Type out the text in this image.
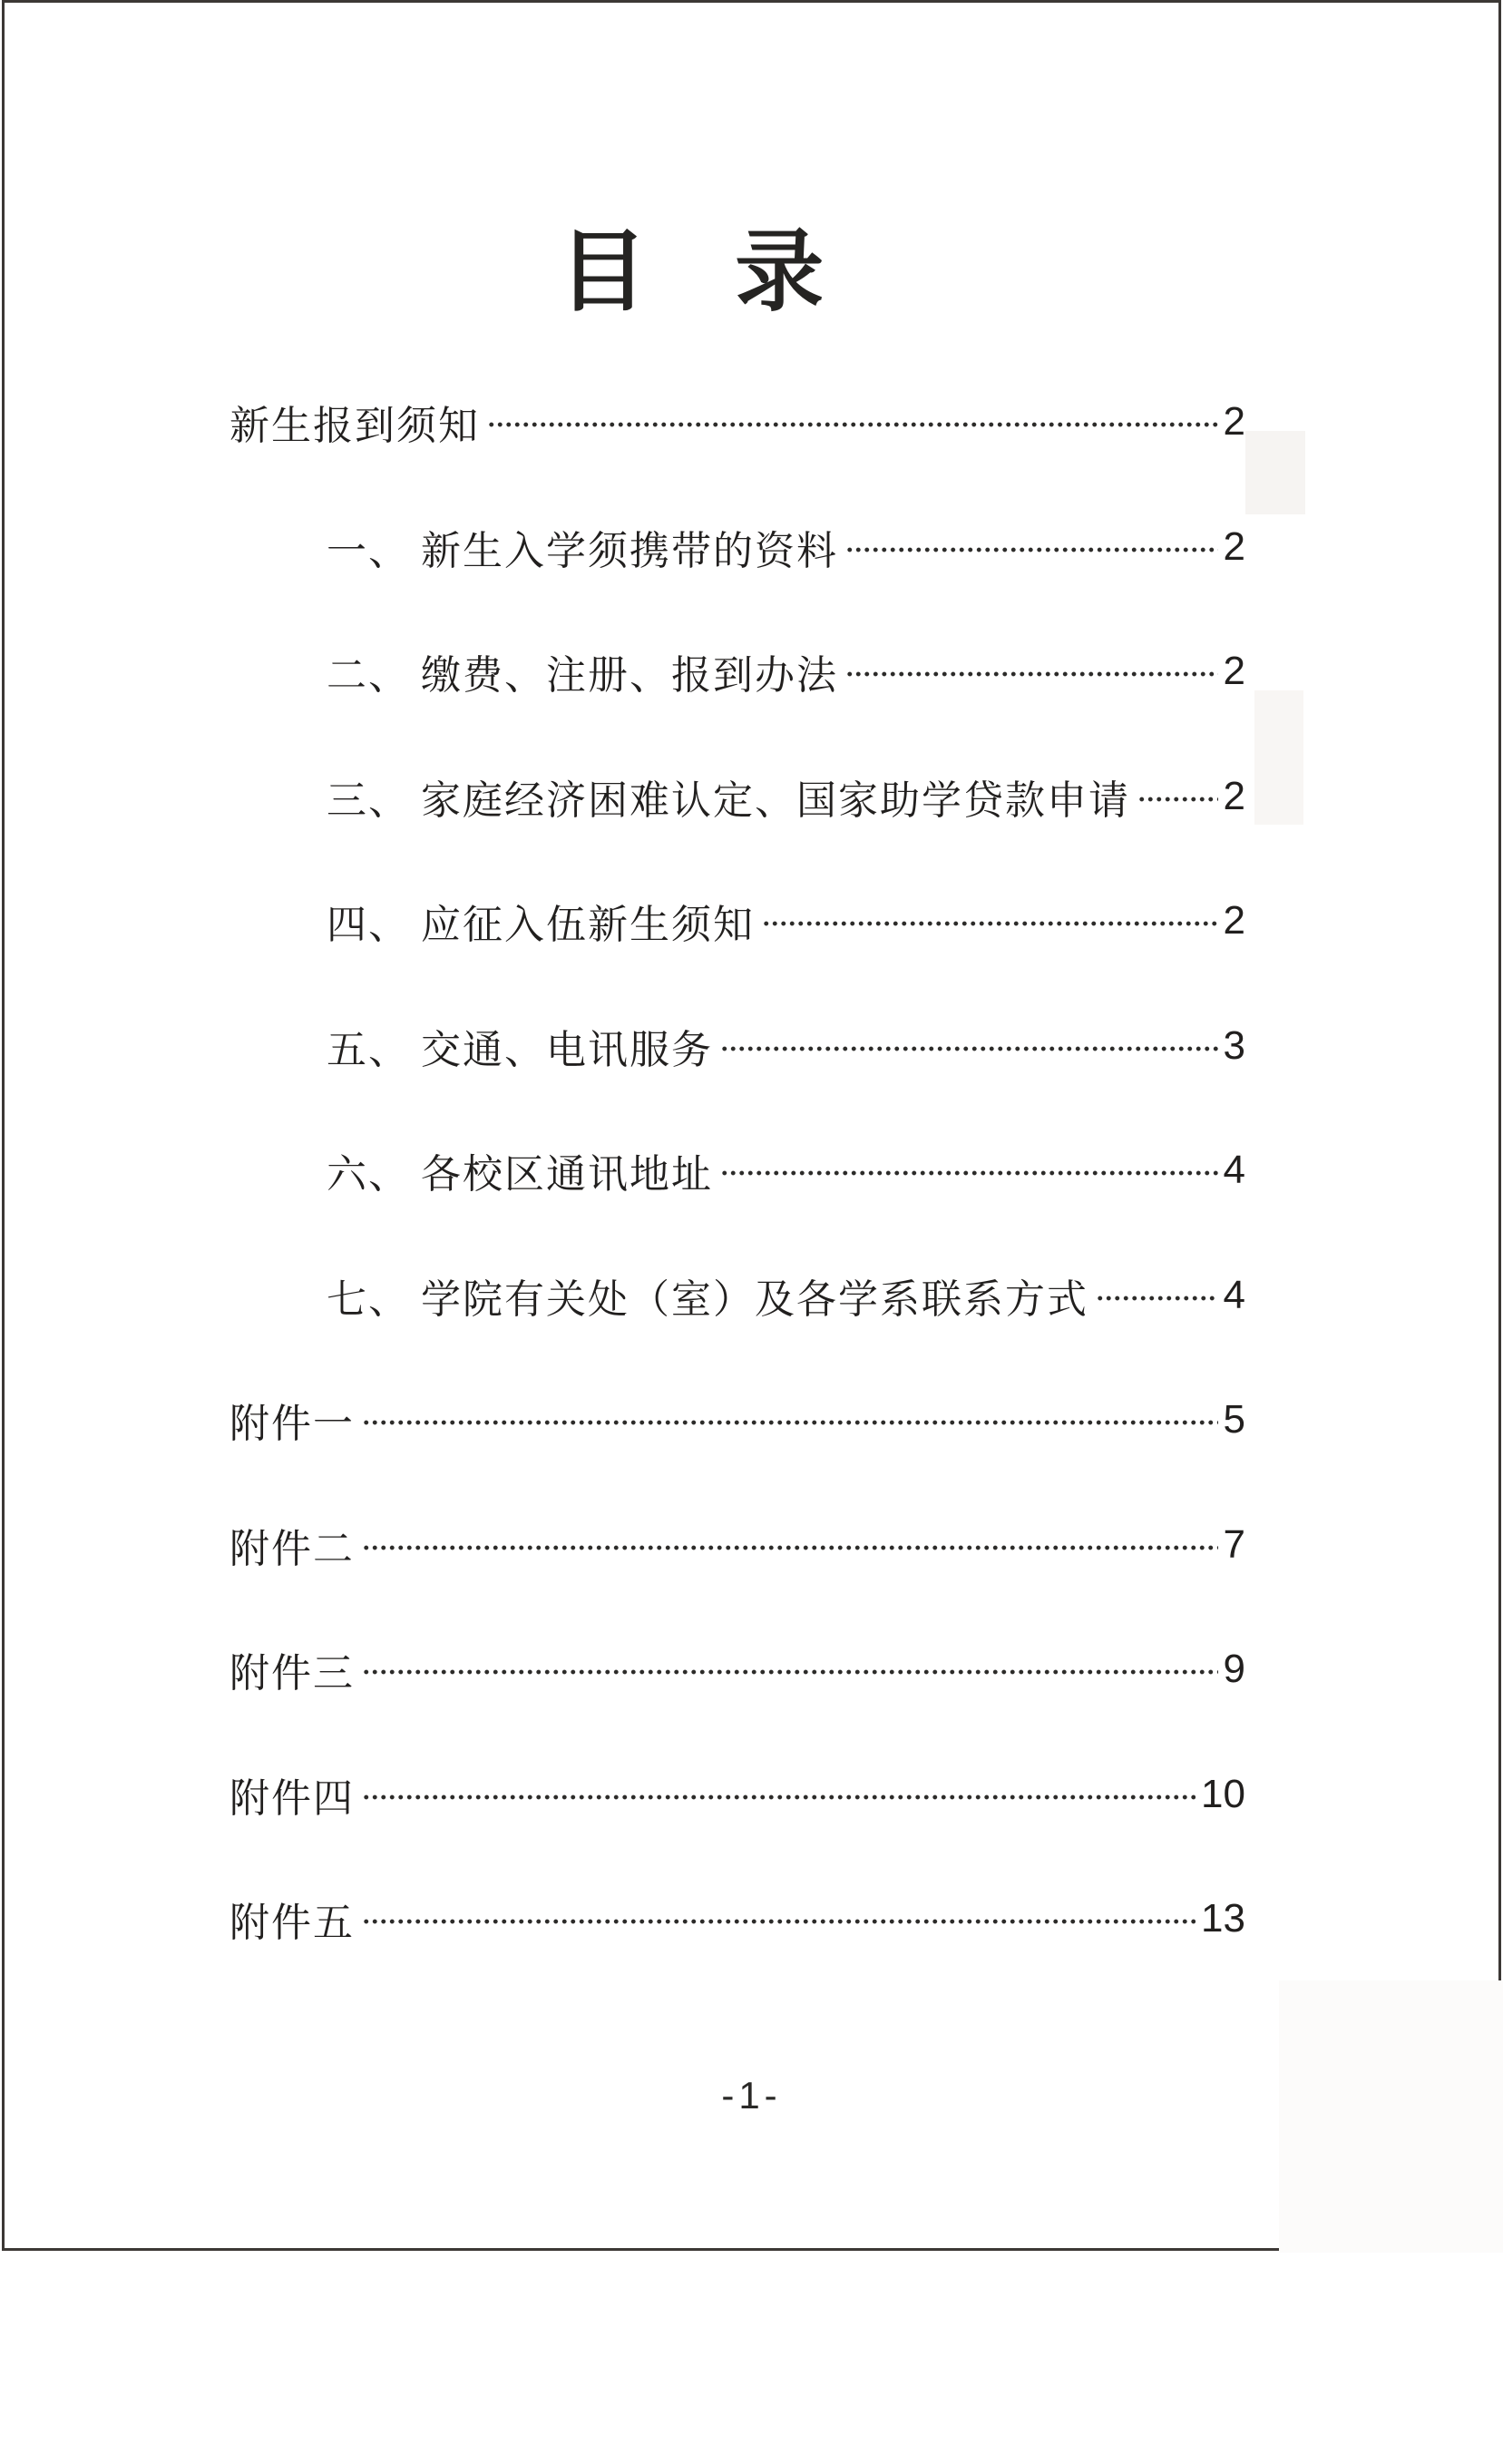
目  录
新生报到须知	2
一、 新生入学须携带的资料	2
二、 缴费、注册、报到办法	2
三、 家庭经济困难认定、国家助学贷款申请 2
四、 应征入伍新生须知	2
五、 交通、电讯服务	3
六、 各校区通讯地址	4
七、 学院有关处（室）及各学系联系方式	4
附件一	5
附件二	7
附件三	9
附件四	10
附件五	13
-1-
